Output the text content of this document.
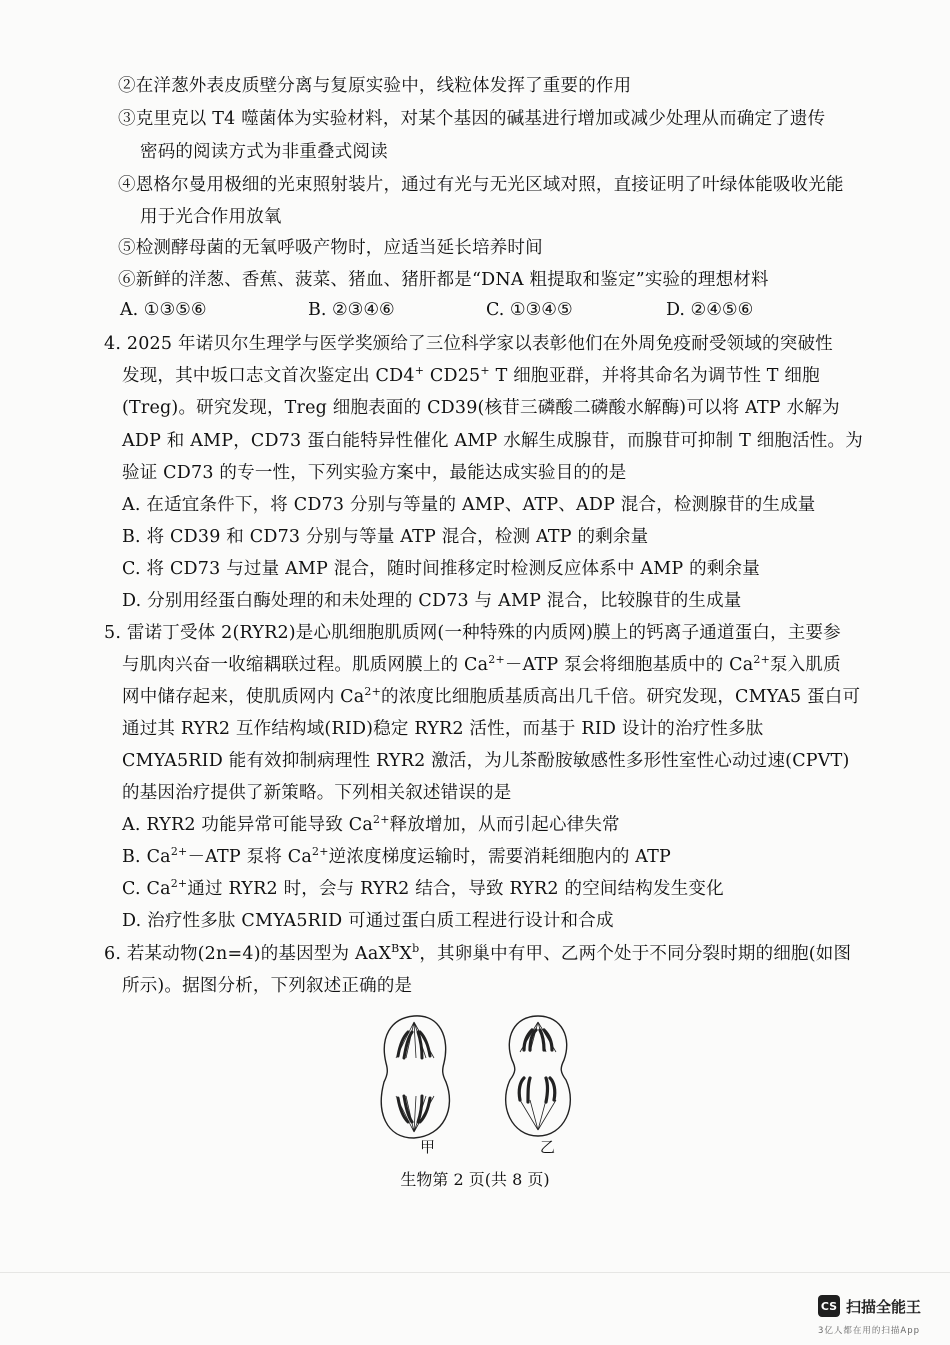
②在洋葱外表皮质壁分离与复原实验中，线粒体发挥了重要的作用
③克里克以 T4 噬菌体为实验材料，对某个基因的碱基进行增加或减少处理从而确定了遗传
密码的阅读方式为非重叠式阅读
④恩格尔曼用极细的光束照射装片，通过有光与无光区域对照，直接证明了叶绿体能吸收光能
用于光合作用放氧
⑤检测酵母菌的无氧呼吸产物时，应适当延长培养时间
⑥新鲜的洋葱、香蕉、菠菜、猪血、猪肝都是“DNA 粗提取和鉴定”实验的理想材料
A. ①③⑤⑥	B. ②③④⑥	C. ①③④⑤	D. ②④⑤⑥
4. 2025 年诺贝尔生理学与医学奖颁给了三位科学家以表彰他们在外周免疫耐受领域的突破性
发现，其中坂口志文首次鉴定出 CD4+ CD25+ T 细胞亚群，并将其命名为调节性 T 细胞
(Treg)。研究发现，Treg 细胞表面的 CD39(核苷三磷酸二磷酸水解酶)可以将 ATP 水解为
ADP 和 AMP，CD73 蛋白能特异性催化 AMP 水解生成腺苷，而腺苷可抑制 T 细胞活性。为
验证 CD73 的专一性，下列实验方案中，最能达成实验目的的是
A. 在适宜条件下，将 CD73 分别与等量的 AMP、ATP、ADP 混合，检测腺苷的生成量
B. 将 CD39 和 CD73 分别与等量 ATP 混合，检测 ATP 的剩余量
C. 将 CD73 与过量 AMP 混合，随时间推移定时检测反应体系中 AMP 的剩余量
D. 分别用经蛋白酶处理的和未处理的 CD73 与 AMP 混合，比较腺苷的生成量
5. 雷诺丁受体 2(RYR2)是心肌细胞肌质网(一种特殊的内质网)膜上的钙离子通道蛋白，主要参
与肌肉兴奋一收缩耦联过程。肌质网膜上的 $Ca^{2+}-ATP$ 泵会将细胞基质中的 $Ca^{2+}$泵入肌质
网中储存起来，使肌质网内 $Ca^{2+}$的浓度比细胞质基质高出几千倍。研究发现，CMYA5 蛋白可
通过其 RYR2 互作结构域(RID)稳定 RYR2 活性，而基于 RID 设计的治疗性多肽
CMYA5RID 能有效抑制病理性 RYR2 激活，为儿茶酚胺敏感性多形性室性心动过速(CPVT)
的基因治疗提供了新策略。下列相关叙述错误的是
A. RYR2 功能异常可能导致 $Ca^{2+}$释放增加，从而引起心律失常
B. $Ca^{2+}-ATP$ 泵将 $Ca^{2+}$逆浓度梯度运输时，需要消耗细胞内的 ATP
C. $Ca^{2+}$通过 RYR2 时，会与 RYR2 结合，导致 RYR2 的空间结构发生变化
D. 治疗性多肽 CMYA5RID 可通过蛋白质工程进行设计和合成
6. 若某动物(2n=4)的基因型为 $AaX^BX^b$，其卵巢中有甲、乙两个处于不同分裂时期的细胞(如图
所示)。据图分析，下列叙述正确的是
甲	乙
生物第 2 页(共 8 页)
CS 扫描全能王
3亿人都在用的扫描App
